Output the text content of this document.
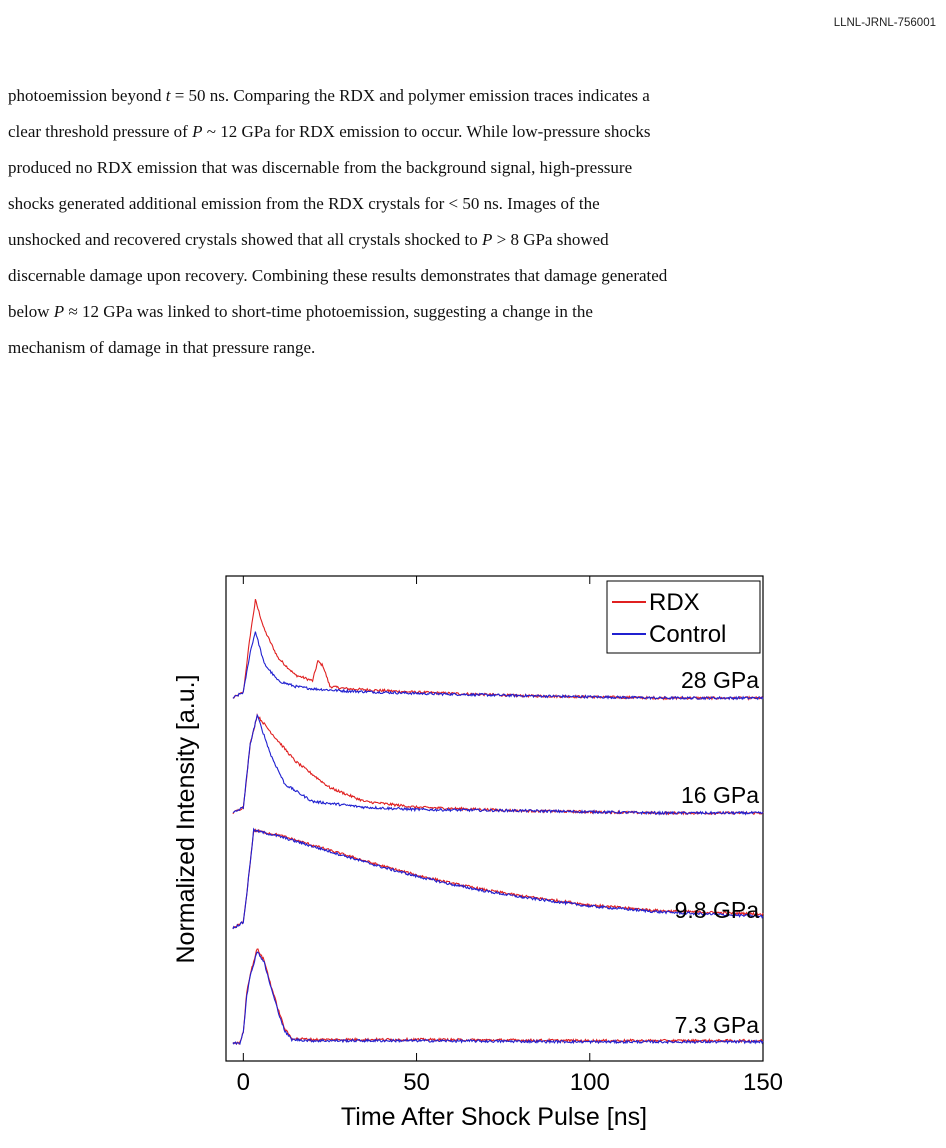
LLNL-JRNL-756001
photoemission beyond t = 50 ns. Comparing the RDX and polymer emission traces indicates a
clear threshold pressure of P ~ 12 GPa for RDX emission to occur. While low-pressure shocks
produced no RDX emission that was discernable from the background signal, high-pressure
shocks generated additional emission from the RDX crystals for < 50 ns. Images of the
unshocked and recovered crystals showed that all crystals shocked to P > 8 GPa showed
discernable damage upon recovery. Combining these results demonstrates that damage generated
below P ≈ 12 GPa was linked to short-time photoemission, suggesting a change in the
mechanism of damage in that pressure range.
0	50	100	150
28 GPa
16 GPa
9.8 GPa
7.3 GPa
RDX
Control
Time After Shock Pulse [ns]
Normalized Intensity [a.u.]
